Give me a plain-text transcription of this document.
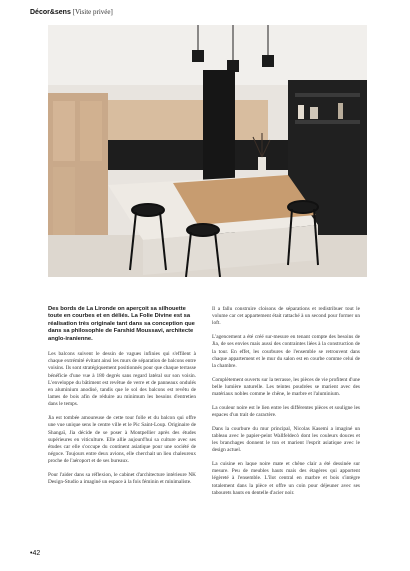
Décor&sens [Visite privée]

Des bords de La Lironde on aperçoit sa silhouette toute en courbes et en déliés. La Folie Divine est sa réalisation très originale tant dans sa conception que dans sa philosophie de Farshid Moussavi, architecte anglo-iranienne.

Les balcons suivent le dessin de vagues infinies qui s'effilent à chaque extrémité évitant ainsi les murs de séparation de balcons entre voisins. Ils sont stratégiquement positionnés pour que chaque terrasse bénéficie d'une vue à 180 degrés sans regard latéral sur son voisin. L'enveloppe du bâtiment est revêtue de verre et de panneaux ondulés en aluminium anodisé, tandis que le sol des balcons est revêtu de lames de bois afin de réduire au minimum les besoins d'entretien dans le temps.

Jia est tombée amoureuse de cette tour folle et du balcon qui offre une vue unique sens le centre ville et le Pic Saint-Loup. Originaire de Shangaï, Jia décide de se poser à Montpellier après des études supérieures en viticulture. Elle allie aujourd'hui sa culture avec ses études car elle s'occupe du continent asiatique pour une société de négoce. Toujours entre deux avions, elle cherchait un lieu chaleureux proche de l'aéroport et de ses bureaux.

Pour l'aider dans sa réflexion, le cabinet d'architecture intérieure NK Design-Studio a imaginé un espace à la fois féminin et minimaliste.

Il a fallu construire cloisons de séparations et redistribuer tout le volume car cet appartement était rattaché à un second pour former un loft.

L'agencement a été créé sur-mesure en tenant compte des besoins de Jia, de ses envies mais aussi des contraintes liées à la construction de la tour. En effet, les courbures de l'ensemble se retrouvent dans chaque appartement et le mur du salon est en courbe comme celui de la chambre.

Complètement ouverts sur la terrasse, les pièces de vie profitent d'une belle lumière naturelle. Les teintes poudrées se marient avec des matériaux nobles comme le chêne, le marbre et l'aluminium.

La couleur noire est le lien entre les différentes pièces et souligne les espaces d'un trait de caractère.

Dans la courbure du mur principal, Nicolas Kasemi a imaginé un tableau avec le papier-peint Wallfeldecò dont les couleurs douces et les branchages donnent le ton et marient l'esprit asiatique avec le design actuel.

La cuisine en laque noire mate et chêne clair a été dessinée sur mesure. Peu de meubles hauts mais des étagères qui apportent légèreté à l'ensemble. L'îlot central en marbre et bois s'intègre totalement dans la pièce et offre un coin pour déjeuner avec ses tabourets hauts en dentelle d'acier noir.

•42
